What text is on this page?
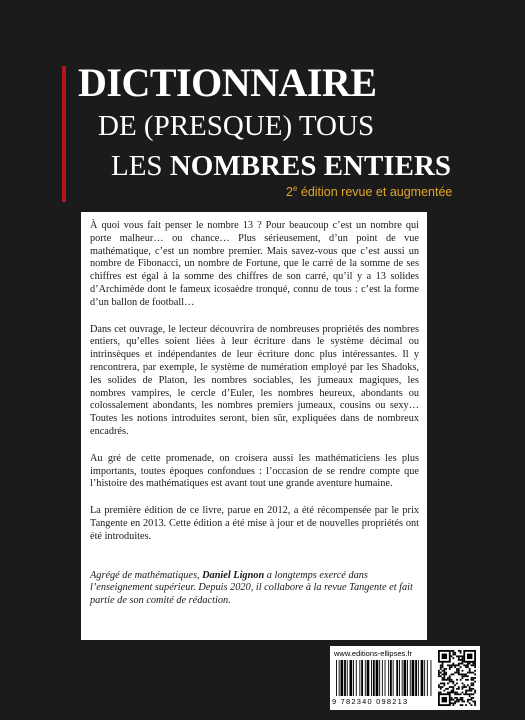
DICTIONNAIRE
DE (PRESQUE) TOUS
LES NOMBRES ENTIERS
2e édition revue et augmentée

À quoi vous fait penser le nombre 13 ? Pour beaucoup c’est un nombre qui porte malheur… ou chance… Plus sérieusement, d’un point de vue mathématique, c’est un nombre premier. Mais savez-vous que c’est aussi un nombre de Fibonacci, un nombre de Fortune, que le carré de la somme de ses chiffres est égal à la somme des chiffres de son carré, qu’il y a 13 solides d’Archimède dont le fameux icosaèdre tronqué, connu de tous : c’est la forme d’un ballon de football…

Dans cet ouvrage, le lecteur découvrira de nombreuses propriétés des nombres entiers, qu’elles soient liées à leur écriture dans le système décimal ou intrinsèques et indépendantes de leur écriture donc plus intéressantes. Il y rencontrera, par exemple, le système de numération employé par les Shadoks, les solides de Platon, les nombres sociables, les jumeaux magiques, les nombres vampires, le cercle d’Euler, les nombres heureux, abondants ou colossalement abondants, les nombres premiers jumeaux, cousins ou sexy… Toutes les notions introduites seront, bien sûr, expliquées dans de nombreux encadrés.

Au gré de cette promenade, on croisera aussi les mathématiciens les plus importants, toutes époques confondues : l’occasion de se rendre compte que l’histoire des mathématiques est avant tout une grande aventure humaine.

La première édition de ce livre, parue en 2012, a été récompensée par le prix Tangente en 2013. Cette édition a été mise à jour et de nouvelles propriétés ont été introduites.

Agrégé de mathématiques, Daniel Lignon a longtemps exercé dans l’enseignement supérieur. Depuis 2020, il collabore à la revue Tangente et fait partie de son comité de rédaction.

www.editions-ellipses.fr
9 782340 098213
